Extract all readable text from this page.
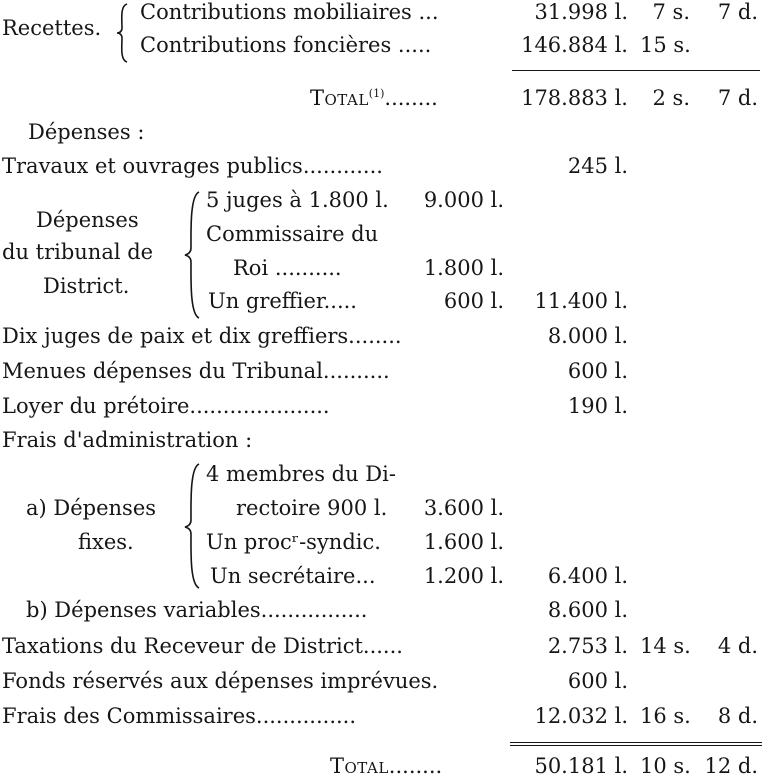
Recettes.
Contributions mobiliaires ...	31.998 l.	7 s.	7 d.
Contributions foncières .....	146.884 l. 15 s.
Total$^{(1)}$........	178.883 l.	2 s.	7 d.
Dépenses :
Travaux et ouvrages publics............	245 l.
Dépenses
du tribunal de
District.
5 juges à 1.800 l.	9.000 l.
Commissaire du
Roi ..........	1.800 l.
Un greffier.....	600 l.	11.400 l.
Dix juges de paix et dix greffiers........	8.000 l.
Menues dépenses du Tribunal..........	600 l.
Loyer du prétoire.....................	190 l.
Frais d'administration :
a) Dépenses
fixes.
4 membres du Di-
rectoire 900 l.	3.600 l.
Un procʳ-syndic.	1.600 l.
Un secrétaire...	1.200 l.	6.400 l.
b) Dépenses variables................	8.600 l.
Taxations du Receveur de District......	2.753 l. 14 s.	4 d.
Fonds réservés aux dépenses imprévues.	600 l.
Frais des Commissaires...............	12.032 l. 16 s.	8 d.
Total........	50.181 l. 10 s. 12 d.
